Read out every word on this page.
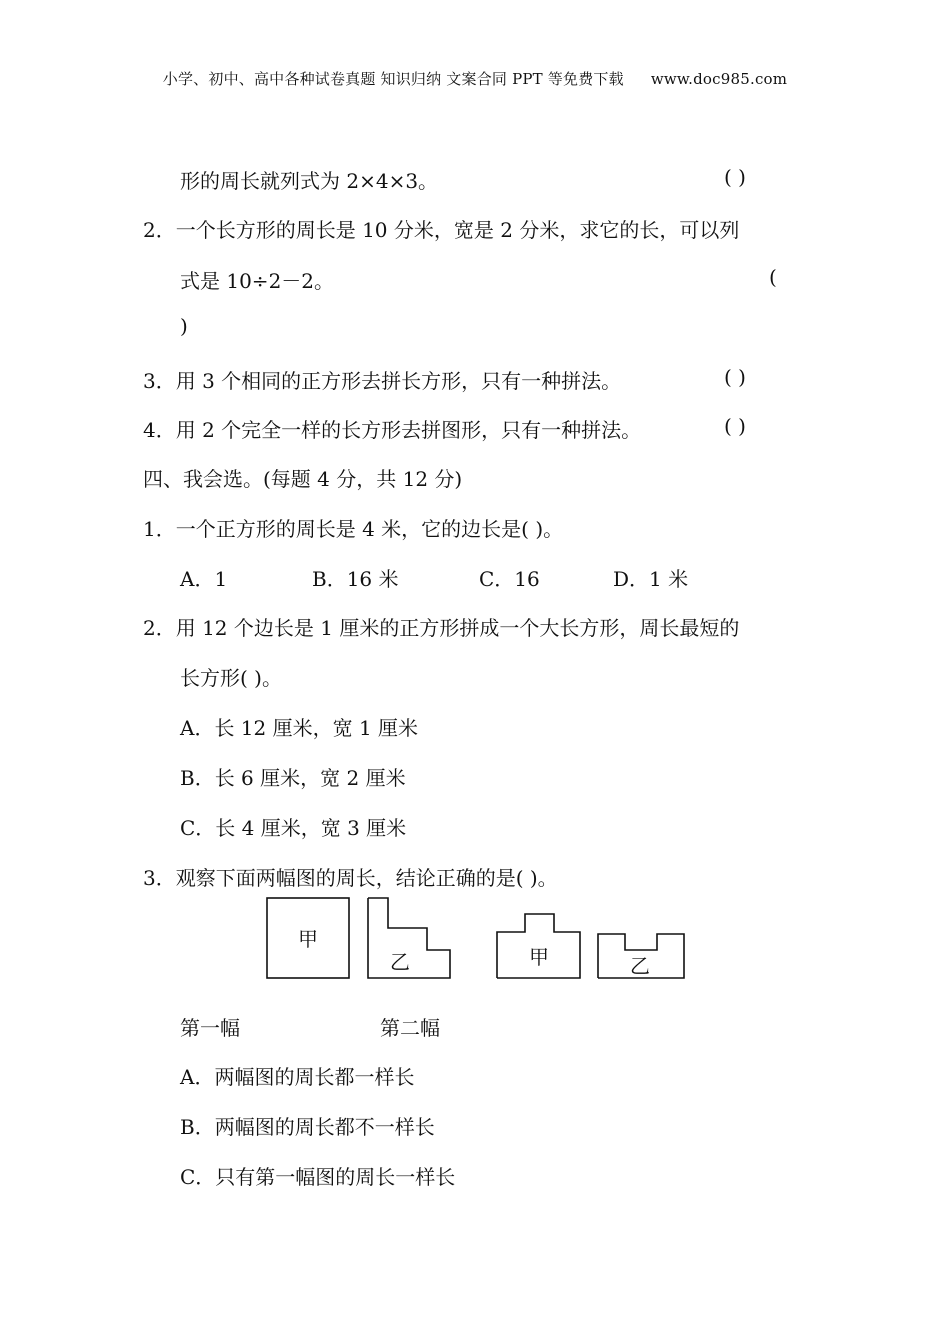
小学、初中、高中各种试卷真题 知识归纳 文案合同 PPT 等免费下载 www.doc985.com
形的周长就列式为 2×4×3。	( )
2．一个长方形的周长是 10 分米，宽是 2 分米，求它的长，可以列
式是 10÷2－2。	(
)
3．用 3 个相同的正方形去拼长方形，只有一种拼法。	( )
4．用 2 个完全一样的长方形去拼图形，只有一种拼法。	( )
四、我会选。(每题 4 分，共 12 分)
1．一个正方形的周长是 4 米，它的边长是( )。
A．1	B．16 米	C．16	D．1 米
2．用 12 个边长是 1 厘米的正方形拼成一个大长方形，周长最短的
长方形( )。
A．长 12 厘米，宽 1 厘米
B．长 6 厘米，宽 2 厘米
C．长 4 厘米，宽 3 厘米
3．观察下面两幅图的周长，结论正确的是( )。
甲
乙	甲	乙
第一幅	第二幅
A．两幅图的周长都一样长
B．两幅图的周长都不一样长
C．只有第一幅图的周长一样长
